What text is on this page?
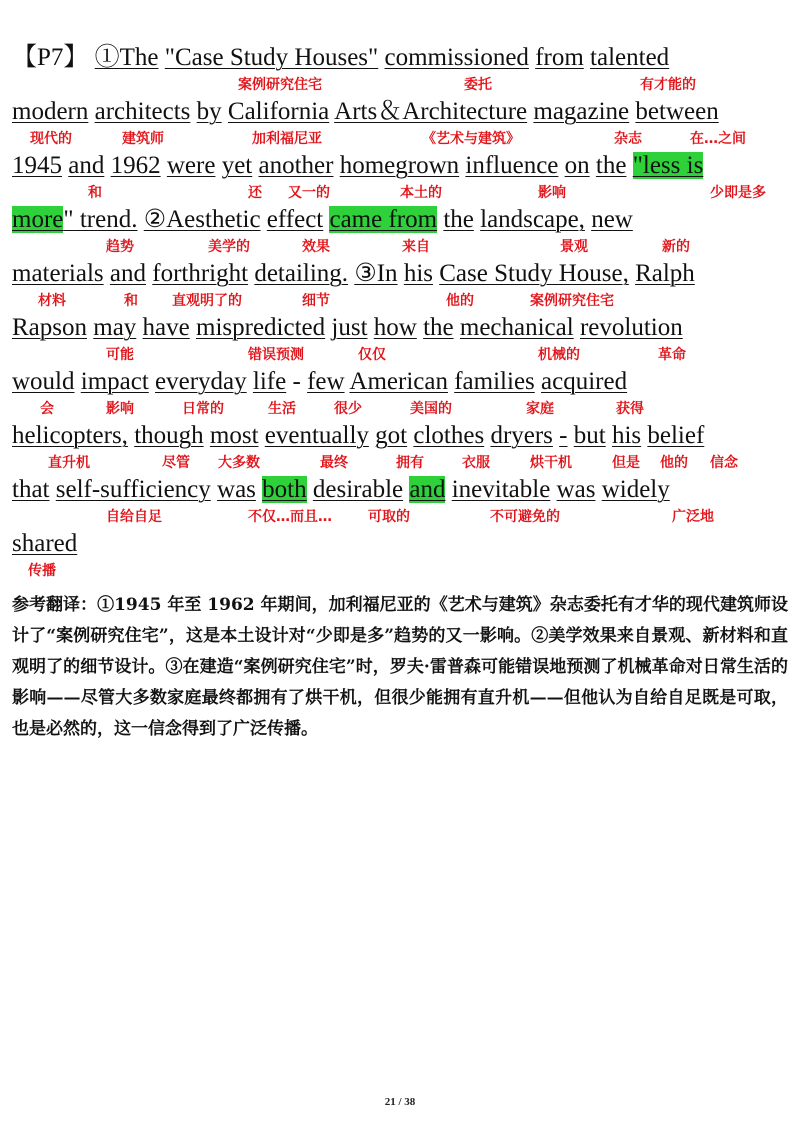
【P7】 ①The "Case Study Houses" commissioned from talented
案例研究住宅	委托	有才能的
modern architects by California Arts＆Architecture magazine between
现代的	建筑师	加利福尼亚	《艺术与建筑》	杂志	在…之间
1945 and 1962 were yet another homegrown influence on the "less is
和	还 又一的	本土的	影响	少即是多
more" trend. ②Aesthetic effect came from the landscape, new
趋势	美学的	效果	来自	景观	新的
materials and forthright detailing. ③In his Case Study House, Ralph
材料	和 直观明了的	细节	他的	案例研究住宅
Rapson may have mispredicted just how the mechanical revolution
可能	错误预测	仅仅	机械的	革命
would impact everyday life - few American families acquired
会	影响	日常的	生活	很少	美国的	家庭	获得
helicopters, though most eventually got clothes dryers - but his belief
直升机	尽管 大多数	最终	拥有	衣服	烘干机	但是 他的 信念
that self-sufficiency was both desirable and inevitable was widely
自给自足	不仅…而且…	可取的	不可避免的	广泛地
shared
传播
参考翻译：①1945 年至 1962 年期间，加利福尼亚的《艺术与建筑》杂志委托有才华的现代建筑师设计了“案例研究住宅”，这是本土设计对“少即是多”趋势的又一影响。②美学效果来自景观、新材料和直观明了的细节设计。③在建造“案例研究住宅”时，罗夫·雷普森可能错误地预测了机械革命对日常生活的影响——尽管大多数家庭最终都拥有了烘干机，但很少能拥有直升机——但他认为自给自足既是可取，也是必然的，这一信念得到了广泛传播。
21 / 38
